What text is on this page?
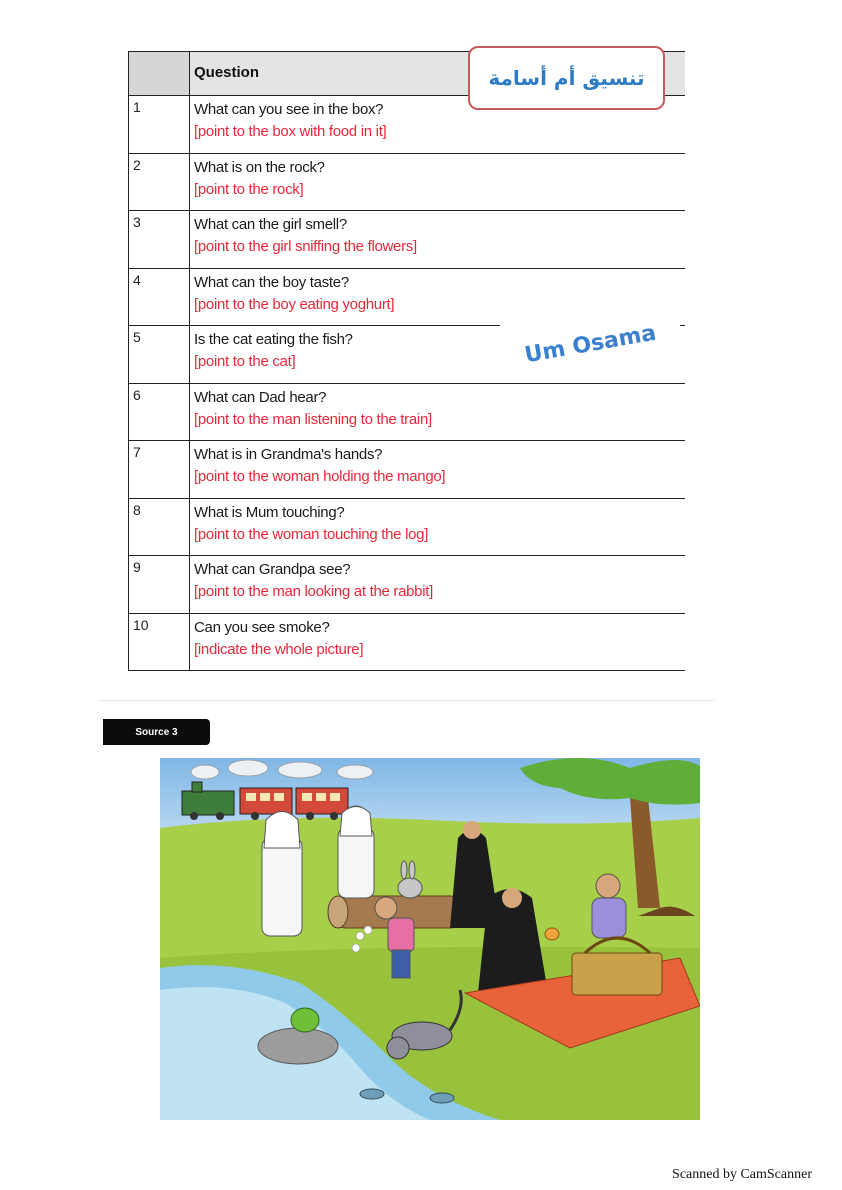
	Question
1	What can you see in the box?
[point to the box with food in it]

2	What is on the rock?
[point to the rock]

3	What can the girl smell?
[point to the girl sniffing the flowers]

4	What can the boy taste?
[point to the boy eating yoghurt]

5	Is the cat eating the fish?
[point to the cat]

6	What can Dad hear?
[point to the man listening to the train]

7	What is in Grandma's hands?
[point to the woman holding the mango]

8	What is Mum touching?
[point to the woman touching the log]

9	What can Grandpa see?
[point to the man looking at the rabbit]

10	Can you see smoke?
[indicate the whole picture]
تنسيق أم أسامة
Um Osama
Source 3
Scanned by CamScanner
